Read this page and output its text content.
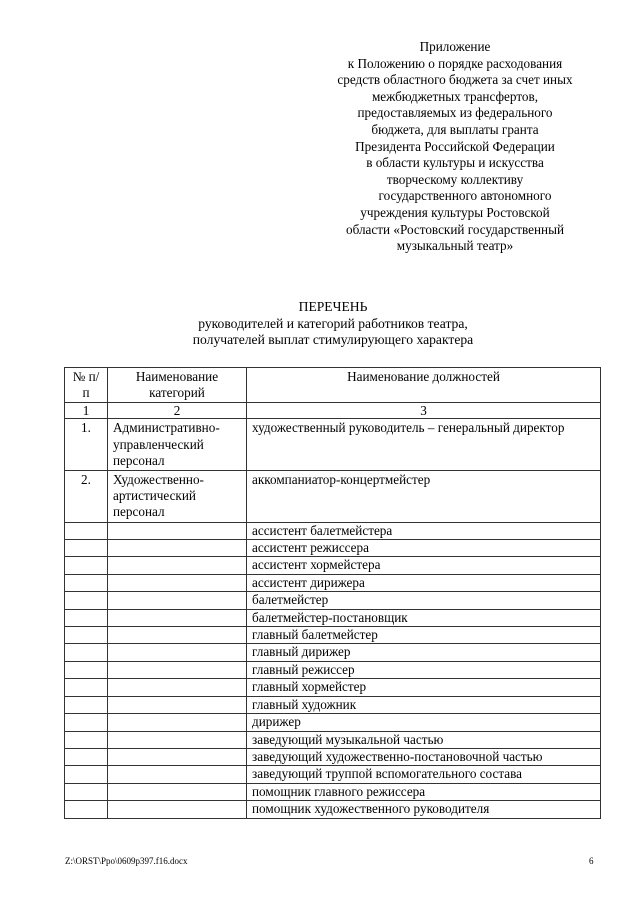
Приложение
к Положению о порядке расходования
средств областного бюджета за счет иных
межбюджетных трансфертов,
предоставляемых из федерального
бюджета, для выплаты гранта
Президента Российской Федерации
в области культуры и искусства
творческому коллективу
государственного автономного
учреждения культуры Ростовской
области «Ростовский государственный
музыкальный театр»
ПЕРЕЧЕНЬ
руководителей и категорий работников театра,
получателей выплат стимулирующего характера
№ п/п	Наименование категорий	Наименование должностей
1	2	3
1.	Административно-управленческий персонал	художественный руководитель – генеральный директор
2.	Художественно-артистический персонал	аккомпаниатор-концертмейстер
		ассистент балетмейстера
		ассистент режиссера
		ассистент хормейстера
		ассистент дирижера
		балетмейстер
		балетмейстер-постановщик
		главный балетмейстер
		главный дирижер
		главный режиссер
		главный хормейстер
		главный художник
		дирижер
		заведующий музыкальной частью
		заведующий художественно-постановочной частью
		заведующий труппой вспомогательного состава
		помощник главного режиссера
		помощник художественного руководителя
Z:\ORST\Ppo\0609p397.f16.docx	6
